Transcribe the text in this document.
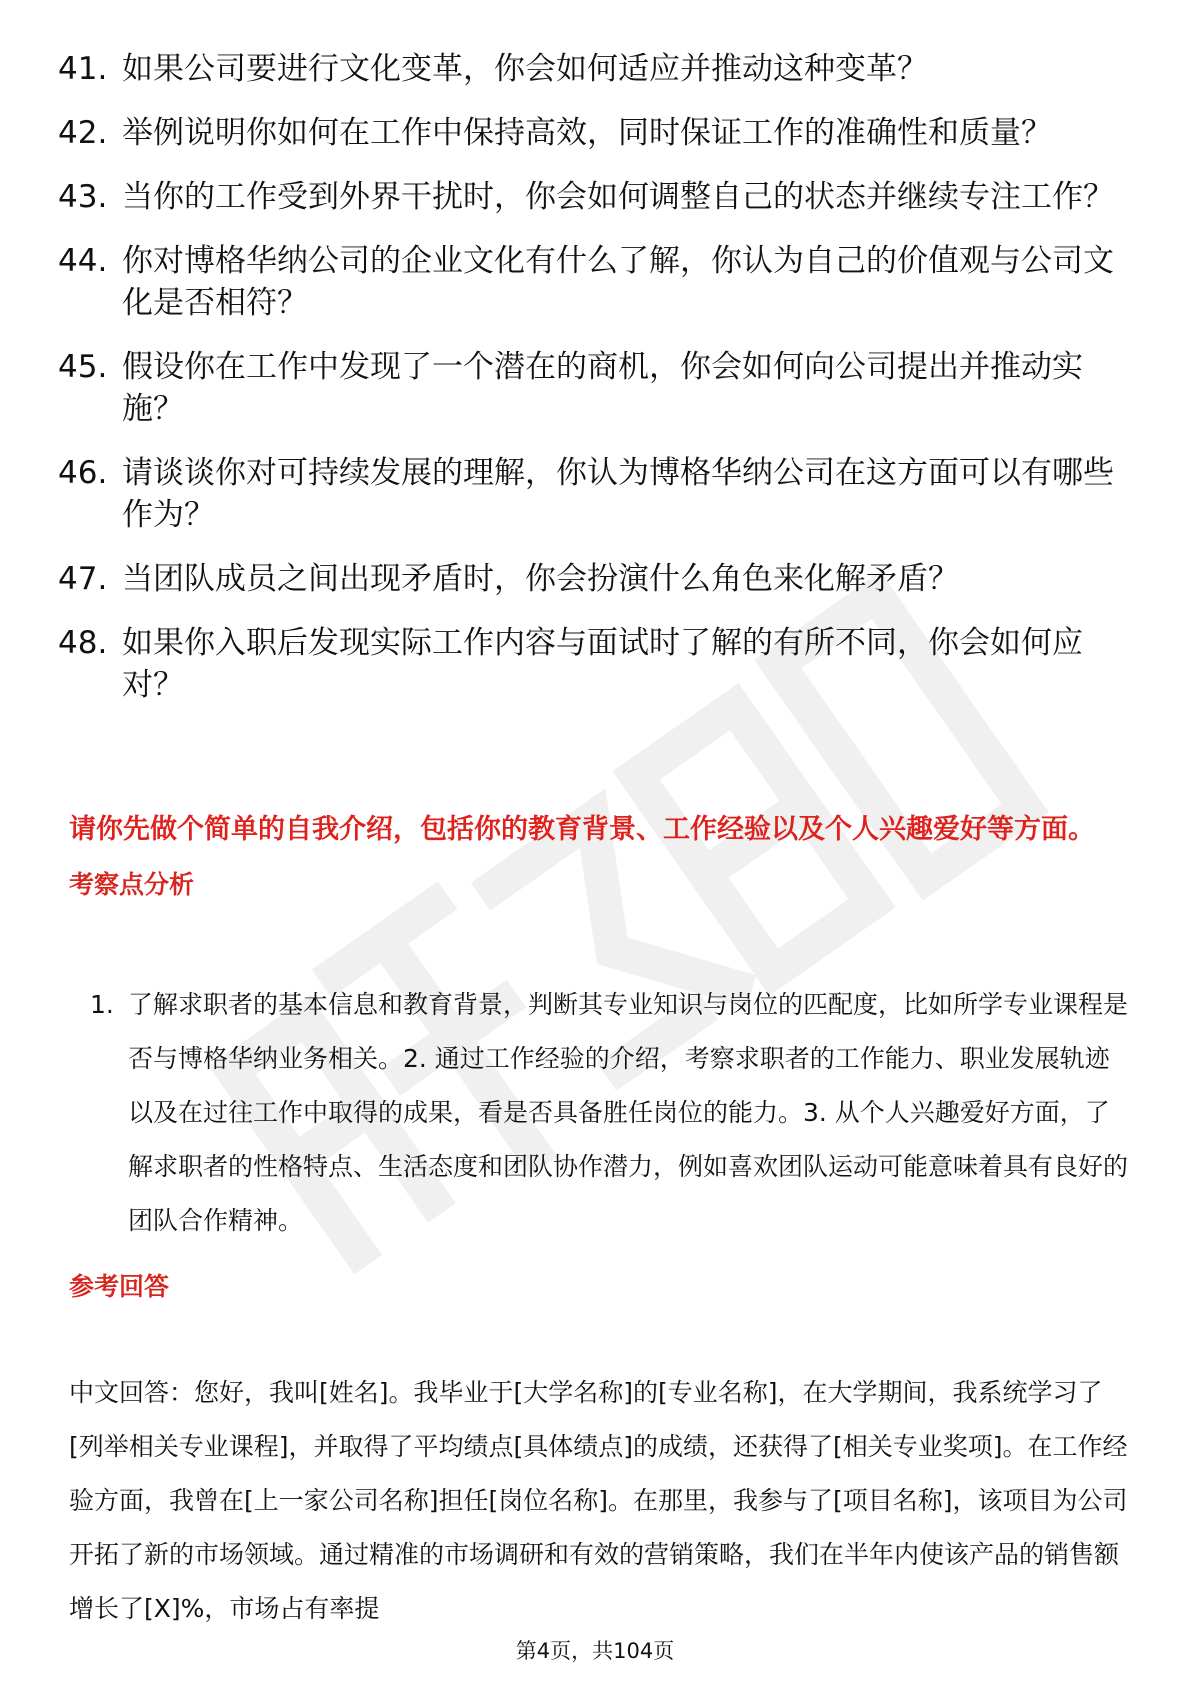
41. 如果公司要进行文化变革，你会如何适应并推动这种变革？
42. 举例说明你如何在工作中保持高效，同时保证工作的准确性和质量？
43. 当你的工作受到外界干扰时，你会如何调整自己的状态并继续专注工作？
44. 你对博格华纳公司的企业文化有什么了解，你认为自己的价值观与公司文化是否相符？
45. 假设你在工作中发现了一个潜在的商机，你会如何向公司提出并推动实施？
46. 请谈谈你对可持续发展的理解，你认为博格华纳公司在这方面可以有哪些作为？
47. 当团队成员之间出现矛盾时，你会扮演什么角色来化解矛盾？
48. 如果你入职后发现实际工作内容与面试时了解的有所不同，你会如何应对？

请你先做个简单的自我介绍，包括你的教育背景、工作经验以及个人兴趣爱好等方面。

考察点分析

1. 了解求职者的基本信息和教育背景，判断其专业知识与岗位的匹配度，比如所学专业课程是否与博格华纳业务相关。2. 通过工作经验的介绍，考察求职者的工作能力、职业发展轨迹以及在过往工作中取得的成果，看是否具备胜任岗位的能力。3. 从个人兴趣爱好方面，了解求职者的性格特点、生活态度和团队协作潜力，例如喜欢团队运动可能意味着具有良好的团队合作精神。

参考回答

中文回答：您好，我叫[姓名]。我毕业于[大学名称]的[专业名称]，在大学期间，我系统学习了[列举相关专业课程]，并取得了平均绩点[具体绩点]的成绩，还获得了[相关专业奖项]。在工作经验方面，我曾在[上一家公司名称]担任[岗位名称]。在那里，我参与了[项目名称]，该项目为公司开拓了新的市场领域。通过精准的市场调研和有效的营销策略，我们在半年内使该产品的销售额增长了[X]%，市场占有率提

第4页，共104页
